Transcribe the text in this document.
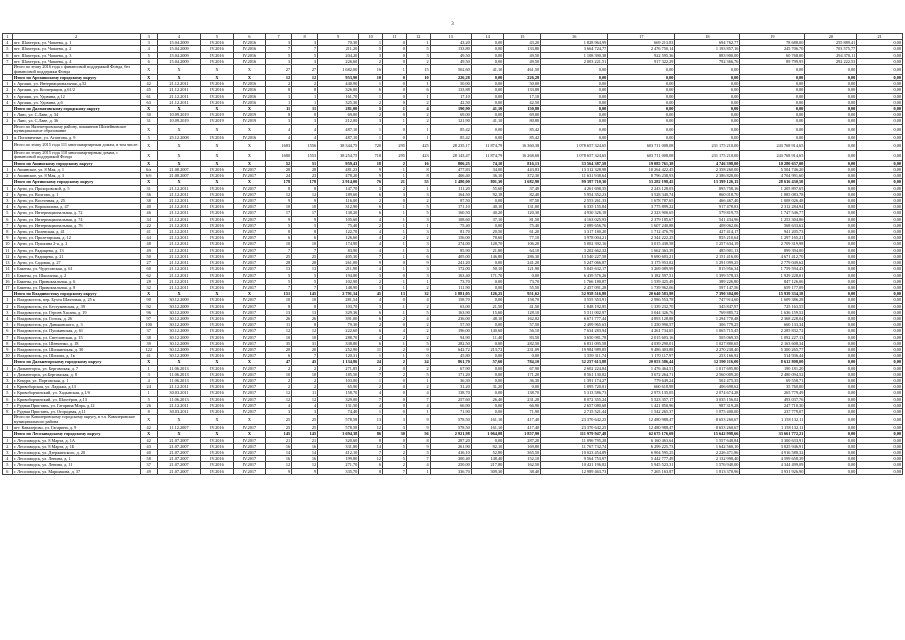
3
1	2	3	4	5	6	7	8	9	10	11	12	13	14	15	16	17	18	19	20	21
4	пгт. Шахтерск, ул. Чапаева, д. 1	3	15.04.2009	IV.2016	IV.2016	3	3	70,30	1	0	1	43,20	0,00	43,20	1 828 964,99	669 213,83	694 762,77	78 688,00	255 889,41	0,00
5	пгт. Шахтерск, ул. Чапаева, д. 2	4	15.04.2009	IV.2016	IV.2016	7	7	211,20	5	0	5	133,80	0,00	133,80	3 664 724,77	2 476 750,14	1 193 857,16	245 706,70	703 575,77	0,00
6	пгт. Шахтерск, ул. Чапаева, д. 3	5	15.04.2009	IV.2016	IV.2016	5	5	204,20	3	0	3	49,50	0,00	49,50	1 108 390,38	922 595,36	883 900,00	60 768,00	294 370,11	0,00
7	пгт. Шахтерск, ул. Чапаева, д. 4	6	15.04.2009	IV.2016	IV.2016	3	3	226,60	2	0	2	49,50	0,00	49,50	2 003 221,51	917 322,29	792 366,76	89 799,95	292 222,53	0,00
	Итого по этапу 2016 года с финансовой поддержкой Фонда, без финансовой поддержки Фонда	X	X	X	X	27	27	1 682,00	16	1	15	502,60	41,10	461,50	0,00	0,00	0,00	0,00	0,00	0,00
	Итого по Аргаяшскому городскому округу	X	X	X	X	12	12	953,90	10	0	10	226,28	0,00	226,28	0,00	0,00	0,00	0,00	0,00	0,00
1	г. Аргаяш, ул. Интернациональная, д.52	42	21.12.2011	IV.2016	IV.2016	2	2	440,90	1	0	1	50,00	0,00	50,00	0,00	0,00	0,00	0,00	0,00	0,00
2	г. Аргаяш, ул. Кооперации, д.61/2	45	21.12.2011	IV.2016	IV.2016	8	8	326,00	6	0	6	133,88	0,00	133,88	0,00	0,00	0,00	0,00	0,00	0,00
3	г. Аргаяш, ул. Удовина, д.12	61	21.12.2011	IV.2016	IV.2016	1	1	161,70	1	0	1	17,10	0,00	17,10	0,00	0,00	0,00	0,00	0,00	0,00
4	г. Аргаяш, ул. Удовина, д.6	63	21.12.2011	IV.2016	IV.2016	1	1	325,30	2	0	2	42,50	0,00	42,50	0,00	0,00	0,00	0,00	0,00	0,00
	Итого по Далматовскому городскому округу	X	X	X	X	11	11	281,00	5	1	4	190,90	41,10	150,80	0,00	0,00	0,00	0,00	0,00	0,00
1	г. Лянс, ул. С.Лаве, д. 34	30	10.09.2019	IV.2019	IV.2019	8	8	69,00	2	0	2	69,00	0,00	69,00	0,00	0,00	0,00	0,00	0,00	0,00
2	г. Лянс, ул. С.Лаве, д. 36	31	10.09.2019	IV.2019	IV.2019	3	3	212,00	3	1	2	121,90	41,10	80,80	0,00	0,00	0,00	0,00	0,00	0,00
	Итого по Нязепетровскому району, покаяннов Шилейновское муниципальное образование	X	X	X	X	4	4	487,10	1	0	1	85,42	0,00	85,42	0,00	0,00	0,00	0,00	0,00	0,00
1	п. Поповичные, ул. Агаптова, д. 9	5	25.12.2008	IV.2016	IV.2016	4	4	487,10	1	0	1	85,42	0,00	85,42	0,00	0,00	0,00	0,00	0,00	0,00
	Итого по этапу 2015 года 111 многоквартирным домам, в том числе:	X	X	X	X	1683	1556	38 344,75	720	295	425	28 235,17	11 874,79	16 360,38	1 078 657 324,65	603 711 008,08	231 175 210,00	243 768 914,65	0,00	0,00
	Итого по этапу 2015 года 110 многоквартирным домам, с финансовой поддержкой Фонда	X	X	X	X	1680	1553	38 254,75	718	295	423	28 143,47	11 874,79	16 268,68	1 078 657 324,65	603 711 008,08	231 175 210,00	243 768 914,65	0,00	0,00
	Итого по Ашинскому городскому округу	X	X	X	X	52	51	959,43	18	2	16	806,25	74,10	816,13	33 564 387,58	19 085 761,38	4 746 398,00	10 280 637,00	0,00	0,00
1	г. Ашинское, ул. 8 Мая, д. 1	6/а	21.08.2007	IV.2016	IV.2017	28	28	481,23	9	1	8	477,83	34,00	443,83	13 312 328,98	10 264 422,45	2 358 260,00	5 504 746,20	0,00	0,00
2	г. Ашинское, ул. 8 Мая, д. 3	6/б	21.08.2007	IV.2016	IV.2017	24	23	478,20	9	1	8	406,40	36,10	372,30	11 631 938,64	8 796 238,93	2 386 828,00	4 704 991,60	0,00	0,00
	Итого по Артинскому городскому округу	X	X	X	X	178	178	2 914,00	76	21	55	1 480,00	801,30	1 682,90	99 397 710,30	53 282 198,45	13 399 126,15	28 616 430,50	0,00	0,00
1	г. Арти, ул. Прохоровской, д. 5	31	21.12.2011	IV.2016	IV.2017	8	8	147,70	3	2	1	111,20	55,60	37,40	4 261 698,35	2 243 128,03	895 758,16	1 205 897,65	0,00	0,00
2	г. Арти, ул. Волгова, д. 1	36	21.12.2011	IV.2016	IV.2017	12	12	189,60	6	3	3	164,50	92,18	82,40	5 954 352,23	3 528 340,74	860 018,70	1 885 083,78	0,00	0,00
3	г. Арти, ул. Восточная, д. 25	38	21.12.2011	IV.2016	IV.2017	9	9	116,00	2	0	2	87,50	0,00	87,50	2 553 261,33	1 678 787,65	466 467,40	1 008 026,48	0,00	0,00
4	г. Арти, ул. Ворошилова, д. 47	40	21.12.2011	IV.2016	IV.2017	10	10	312,90	6	1	5	171,10	40,10	131,00	6 335 155,84	3 775 899,22	917 478,83	2 312 284,94	0,00	0,00
5	г. Арти, ул. Интернациональная, д. 72	46	21.12.2011	IV.2016	IV.2017	17	17	138,20	6	1	5	160,50	40,20	120,30	4 930 326,18	2 323 900,65	579 819,75	1 747 546,77	0,00	0,00
6	г. Арти, ул. Интернациональная, д. 74	34	21.12.2011	IV.2016	IV.2017	9	9	105,60	4	1	3	108,60	37,10	81,50	4 163 025,93	2 379 185,67	541 434,96	1 253 304,86	0,00	0,00
7	г. Арти, ул. Интернациональная, д. 76	22	21.12.2011	IV.2016	IV.2017	5	5	75,40	2	1	1	75,40	0,00	75,40	2 089 656,76	1 607 240,88	408 062,06	568 633,62	0,00	0,00
8	г. Арти, ул. Полевская, д. 41	41	21.12.2011	IV.2016	IV.2017	8	8	122,70	4	1	3	81,70	20,50	61,20	3 317 180,20	1 712 476,79	427 414,17	941 205,73	0,00	0,00
9	г. Арти, ул. Пролетарская, д. 12	44	21.12.2011	IV.2016	IV.2017	6	6	126,60	4	2	2	156,00	78,60	77,10	3 978 004,21	2 344 222,25	855 210,64	1 297 165,21	0,00	0,00
10	г. Арти, ул. Пушкина 2-я, д. 2	48	21.12.2011	IV.2016	IV.2017	10	10	174,90	4	1	3	274,00	128,70	106,20	5 002 392,16	3 015 438,58	1 257 634,19	2 709 319,98	0,00	0,00
11	г. Арти, ул. Радищева, д. 13	49	21.12.2011	IV.2016	IV.2017	7	7	83,90	4	1	3	85,90	21,80	64,10	3 202 662,32	1 662 363,39	485 901,13	899 394,00	0,00	0,00
12	г. Арти, ул. Радищева, д. 21	50	21.12.2011	IV.2016	IV.2017	25	25	405,30	7	1	6	405,00	146,80	286,30	13 540 227,58	9 690 603,21	2 151 416,00	4 671 412,70	0,00	0,00
13	г. Арти, ул. Садовая, д. 27	27	21.12.2011	IV.2016	IV.2017	28	28	261,00	9	0	9	241,20	0,00	241,20	5 247 066,87	3 175 953,82	1 291 099,25	2 779 049,62	0,00	0,00
14	г. Бакены, ул. Чудесовская, д. 61	60	21.12.2011	IV.2016	IV.2017	13	13	211,90	4	1	3	172,00	50,10	121,90	5 845 632,17	3 269 089,99	815 956,34	1 759 594,43	0,00	0,00
15	г. Бакены, ул. Школьная, д. 2	62	21.12.2011	IV.2016	IV.2017	5	5	194,80	3	0	3	163,40	171,70	0,00	6 439 576,26	3 182 597,51	1 399 578,33	1 929 228,01	0,00	0,00
16	г. Бакены, ул. Привокзальная, д. 6	28	21.12.2011	IV.2016	IV.2017	5	5	102,90	2	1	1	73,70	0,00	73,70	1 766 180,87	1 539 425,49	389 226,80	847 126,06	0,00	0,00
17	г. Бакены, ул. Привокзальная, д. 8	32	21.12.2011	IV.2016	IV.2017	7	7	148,90	3	1	2	111,90	0,00	55,50	2 457 091,28	1 739 962,06	597 147,56	659 177,09	0,00	0,00
	Итого по Владивостоку городскому округу	X	X	X	X	151	145	2 791,34	45	13	32	1 881,05	126,25	951,62	52 958 516,88	20 640 583,98	7 390 304,00	15 939 334,18	0,00	0,00
1	г. Владивосток, пер. Бухта Шахтовая, д. 25 к	90	30.12.2009	IV.2016	IV.2017	10	10	281,54	4	0	4	158,70	0,00	158,70	3 555 353,91	2 986 553,78	747 914,60	1 609 386,28	0,00	0,00
2	г. Владивосток, ул. Бестужевская, д. 39	92	30.12.2009	IV.2016	IV.2017	8	8	103,70	3	1	2	63,00	21,50	41,50	1 848 192,85	1 339 232,70	345 847,97	725 163,55	0,00	0,00
3	г. Владивосток, ул. Героев Хасана, д. 19	96	30.12.2009	IV.2016	IV.2017	13	13	329,36	6	1	5	163,90	15,60	128,10	5 511 002,97	3 044 326,76	769 885,72	1 636 159,52	0,00	0,00
4	г. Владивосток, ул. Гоголя, д. 26	97	30.12.2009	IV.2016	IV.2017	26	26	391,00	6	2	4	236,00	48,10	162,02	6 671 777,44	4 893 128,88	1 294 770,48	2 368 228,04	0,00	0,00
5	г. Владивосток, ул. Даньковского, д. 3	100	30.12.2009	IV.2016	IV.2017	11	8	79,30	2	0	2	57,50	0,00	57,50	2 499 965,63	1 250 990,57	306 779,25	660 133,34	0,00	0,00
6	г. Владивосток, ул. Пушкинская, д. 61	37	30.12.2009	IV.2016	IV.2017	12	12	222,60	6	4	2	196,00	140,60	56,10	7 634 283,94	4 261 734,65	1 065 715,45	2 285 832,72	0,00	0,00
7	г. Владивосток, ул. Светланская, д. 15	38	30.12.2009	IV.2016	IV.2017	10	10	288,70	4	2	2	94,90	11,40	83,50	3 650 981,78	2 015 603,16	505 069,35	1 092 227,13	0,00	0,00
8	г. Владивосток, ул. Шевченко, д. 18	39	30.12.2009	IV.2016	IV.2017	35	31	338,80	6	1	5	282,50	0,00	282,50	6 831 095,58	4 039 290,01	1 027 880,65	2 163 608,34	0,00	0,00
9	г. Владивосток, ул. Шилкинская, д. 30	122	30.12.2009	IV.2016	IV.2017	20	20	252,90	11	2	9	642,72	213,72	231,09	19 984 989,85	9 486 403,88	2 270 238,40	5 300 265,77	0,00	0,00
10	г. Владивосток, ул. Шилова, д. 1в	41	30.12.2009	IV.2016	IV.2017	6	7	120,31	1	1	0	45,80	0,00	0,00	1 559 311,74	1 170 117,97	253 166,92	514 936,44	0,00	0,00
	Итого по Дальнегорскому городскому округу	X	X	X	X	47	45	1 134,86	24	2	24	861,70	57,60	784,10	32 257 613,88	20 053 586,44	12 590 116,00	8 612 808,00	0,00	0,00
1	г. Дальнегорск, ул. Бергамская, д. 7	1	11.06.2013	IV.2016	IV.2017	2	2	271,85	2	0	2	67,90	0,00	67,90	2 602 224,84	1 476 464,51	1 017 695,80	190 181,20	0,00	0,00
2	г. Дальнегорск, ул.Бергамская, д. 8	3	11.06.2013	IV.2016	IV.2017	10	10	185,50	7	2	5	171,20	0,00	171,20	8 561 130,82	3 672 264,71	2 560 009,20	2 480 094,52	0,00	0,00
3	г. Кокура, ул. Портовская, д. 1	4	11.06.2013	IV.2016	IV.2017	2	2	103,00	1	0	1	36,30	0,00	36,30	1 391 174,27	779 649,24	502 475,35	69 558,71	0,00	0,00
4	г. Кривоборская, ул. Ладыжа, д.13	24	21.12.2011	IV.2016	IV.2017	2	2	65,90	2	0	2	31,20	31,20	0,00	1 095 720,01	660 618,98	406 698,62	35 760,00	0,00	0,00
5	г. Кривоборчинский, ул. Хадынская, д.1/б	1	30.03.2011	IV.2016	IV.2017	12	11	158,70	4	0	4	138,70	0,00	138,70	5 313 586,73	2 973 135,05	2 074 674,28	265 779,49	0,00	0,00
6	г. Кривоборчинский, ул. Шахтёров, д.13	5	11.06.2013	IV.2016	IV.2017	12	12	329,00	7	0	7	257,60	26,40	231,20	8 072 355,24	5 523 357,17	3 035 156,02	493 037,76	0,00	0,00
7	г. Рудная Пристань, ул. Гагарина/Мира, д.12	26	21.12.2011	IV.2016	IV.2017	4	4	131,50	4	0	4	66,90	0,00	66,90	2 657 080,68	1 421 850,96	987 319,28	247 710,30	0,00	0,00
8	г. Рудная Пристань, ул. Огородная, д.11	8	30.03.2011	IV.2016	IV.2017	3	3	74,40	1	0	1	71,90	0,00	71,90	2 715 521,44	1 542 265,37	1 075 400,00	237 779,07	0,00	0,00
	Итого по Кавалеровскому городскому округу, в т.ч. Кавалеровское муниципального района	X	X	X	X	25	25	578,58	13	3	9	578,50	161,10	417,40	23 370 642,25	12 480 988,47	8 653 260,67	1 158 132,11	0,00	0,00
1	пгт. Кавалерово, ул. Гагарина, д. 9	42	11.12.2007	IV.2016	IV.2017	25	25	578,58	12	3	9	578,50	161,10	417,40	23 370 642,25	12 480 988,47	8 653 260,67	1 158 132,11	0,00	0,00
	Итого по Лесозаводскому городскому округу	X	X	X	X	145	145	3 694,38	86	30	56	2 921,98	1 064,08	1 857,90	111 979 947,48	62 675 176,69	15 642 998,66	33 661 772,21	0,00	0,00
1	г. Лесозаводск, ул. 8 Марта, д. 1А	42	21.07.2007	IV.2016	IV.2017	21	21	320,60	8	0	8	287,20	0,00	287,20	11 096 795,28	6 160 463,64	1 557 640,84	3 300 633,91	0,00	0,00
2	г. Лесозаводск, ул. 8 Марта, д. 1Б	43	21.07.2007	IV.2016	IV.2017	16	16	331,80	14	5	9	261,90	92,10	169,80	11 767 732,74	6 299 225,73	1 642 560,10	3 825 946,91	0,00	0,00
3	г. Лесозаводск, ул. Дзержинского, д. 20	40	21.07.2007	IV.2016	IV.2017	14	14	412,10	7	2	5	416,10	52,80	365,50	10 023 454,89	6 904 595,25	2 226 471,86	4 916 588,32	0,00	0,00
4	г. Лесозаводск, ул. Ленина, д. 1	58	21.07.2007	IV.2016	IV.2017	16	16	199,80	12	5	7	300,40	148,40	152,10	9 564 753,97	5 442 777,49	2 132 998,40	4 599 658,39	0,00	0,00
5	г. Лесозаводск, ул. Ленина, д. 11	37	21.07.2007	IV.2016	IV.2017	12	12	271,70	6	2	4	250,00	217,80	162,50	10 421 196,82	5 945 523,31	1 576 940,00	4 344 499,09	0,00	0,00
6	г. Лесозаводск, ул. Маршакова, д. 37	49	21.07.2007	IV.2016	IV.2017	9	9	335,70	8	7	1	336,70	309,30	38,40	12 989 463,73	7 265 163,87	1 813 370,96	3 931 926,90	0,00	0,00
